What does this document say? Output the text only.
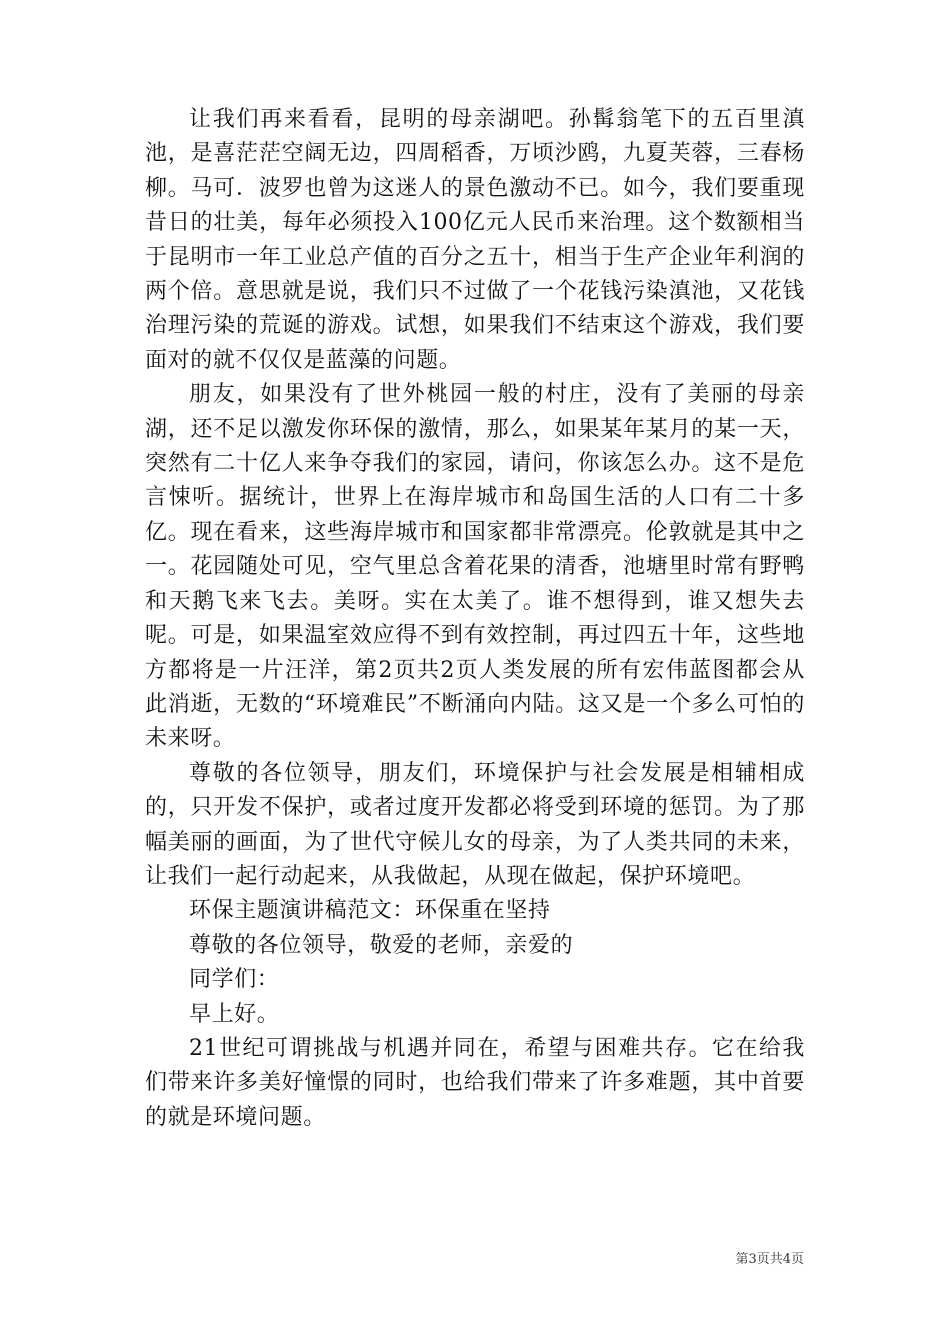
让我们再来看看，昆明的母亲湖吧。孙髯翁笔下的五百里滇池，是喜茫茫空阔无边，四周稻香，万顷沙鸥，九夏芙蓉，三春杨柳。马可．波罗也曾为这迷人的景色激动不已。如今，我们要重现昔日的壮美，每年必须投入100亿元人民币来治理。这个数额相当于昆明市一年工业总产值的百分之五十，相当于生产企业年利润的两个倍。意思就是说，我们只不过做了一个花钱污染滇池，又花钱治理污染的荒诞的游戏。试想，如果我们不结束这个游戏，我们要面对的就不仅仅是蓝藻的问题。

朋友，如果没有了世外桃园一般的村庄，没有了美丽的母亲湖，还不足以激发你环保的激情，那么，如果某年某月的某一天，突然有二十亿人来争夺我们的家园，请问，你该怎么办。这不是危言悚听。据统计，世界上在海岸城市和岛国生活的人口有二十多亿。现在看来，这些海岸城市和国家都非常漂亮。伦敦就是其中之一。花园随处可见，空气里总含着花果的清香，池塘里时常有野鸭和天鹅飞来飞去。美呀。实在太美了。谁不想得到，谁又想失去呢。可是，如果温室效应得不到有效控制，再过四五十年，这些地方都将是一片汪洋，第2页共2页人类发展的所有宏伟蓝图都会从此消逝，无数的“环境难民”不断涌向内陆。这又是一个多么可怕的未来呀。

尊敬的各位领导，朋友们，环境保护与社会发展是相辅相成的，只开发不保护，或者过度开发都必将受到环境的惩罚。为了那幅美丽的画面，为了世代守候儿女的母亲，为了人类共同的未来，让我们一起行动起来，从我做起，从现在做起，保护环境吧。

环保主题演讲稿范文：环保重在坚持

尊敬的各位领导，敬爱的老师，亲爱的

同学们：

早上好。

21世纪可谓挑战与机遇并同在，希望与困难共存。它在给我们带来许多美好憧憬的同时，也给我们带来了许多难题，其中首要的就是环境问题。

第3页共4页
